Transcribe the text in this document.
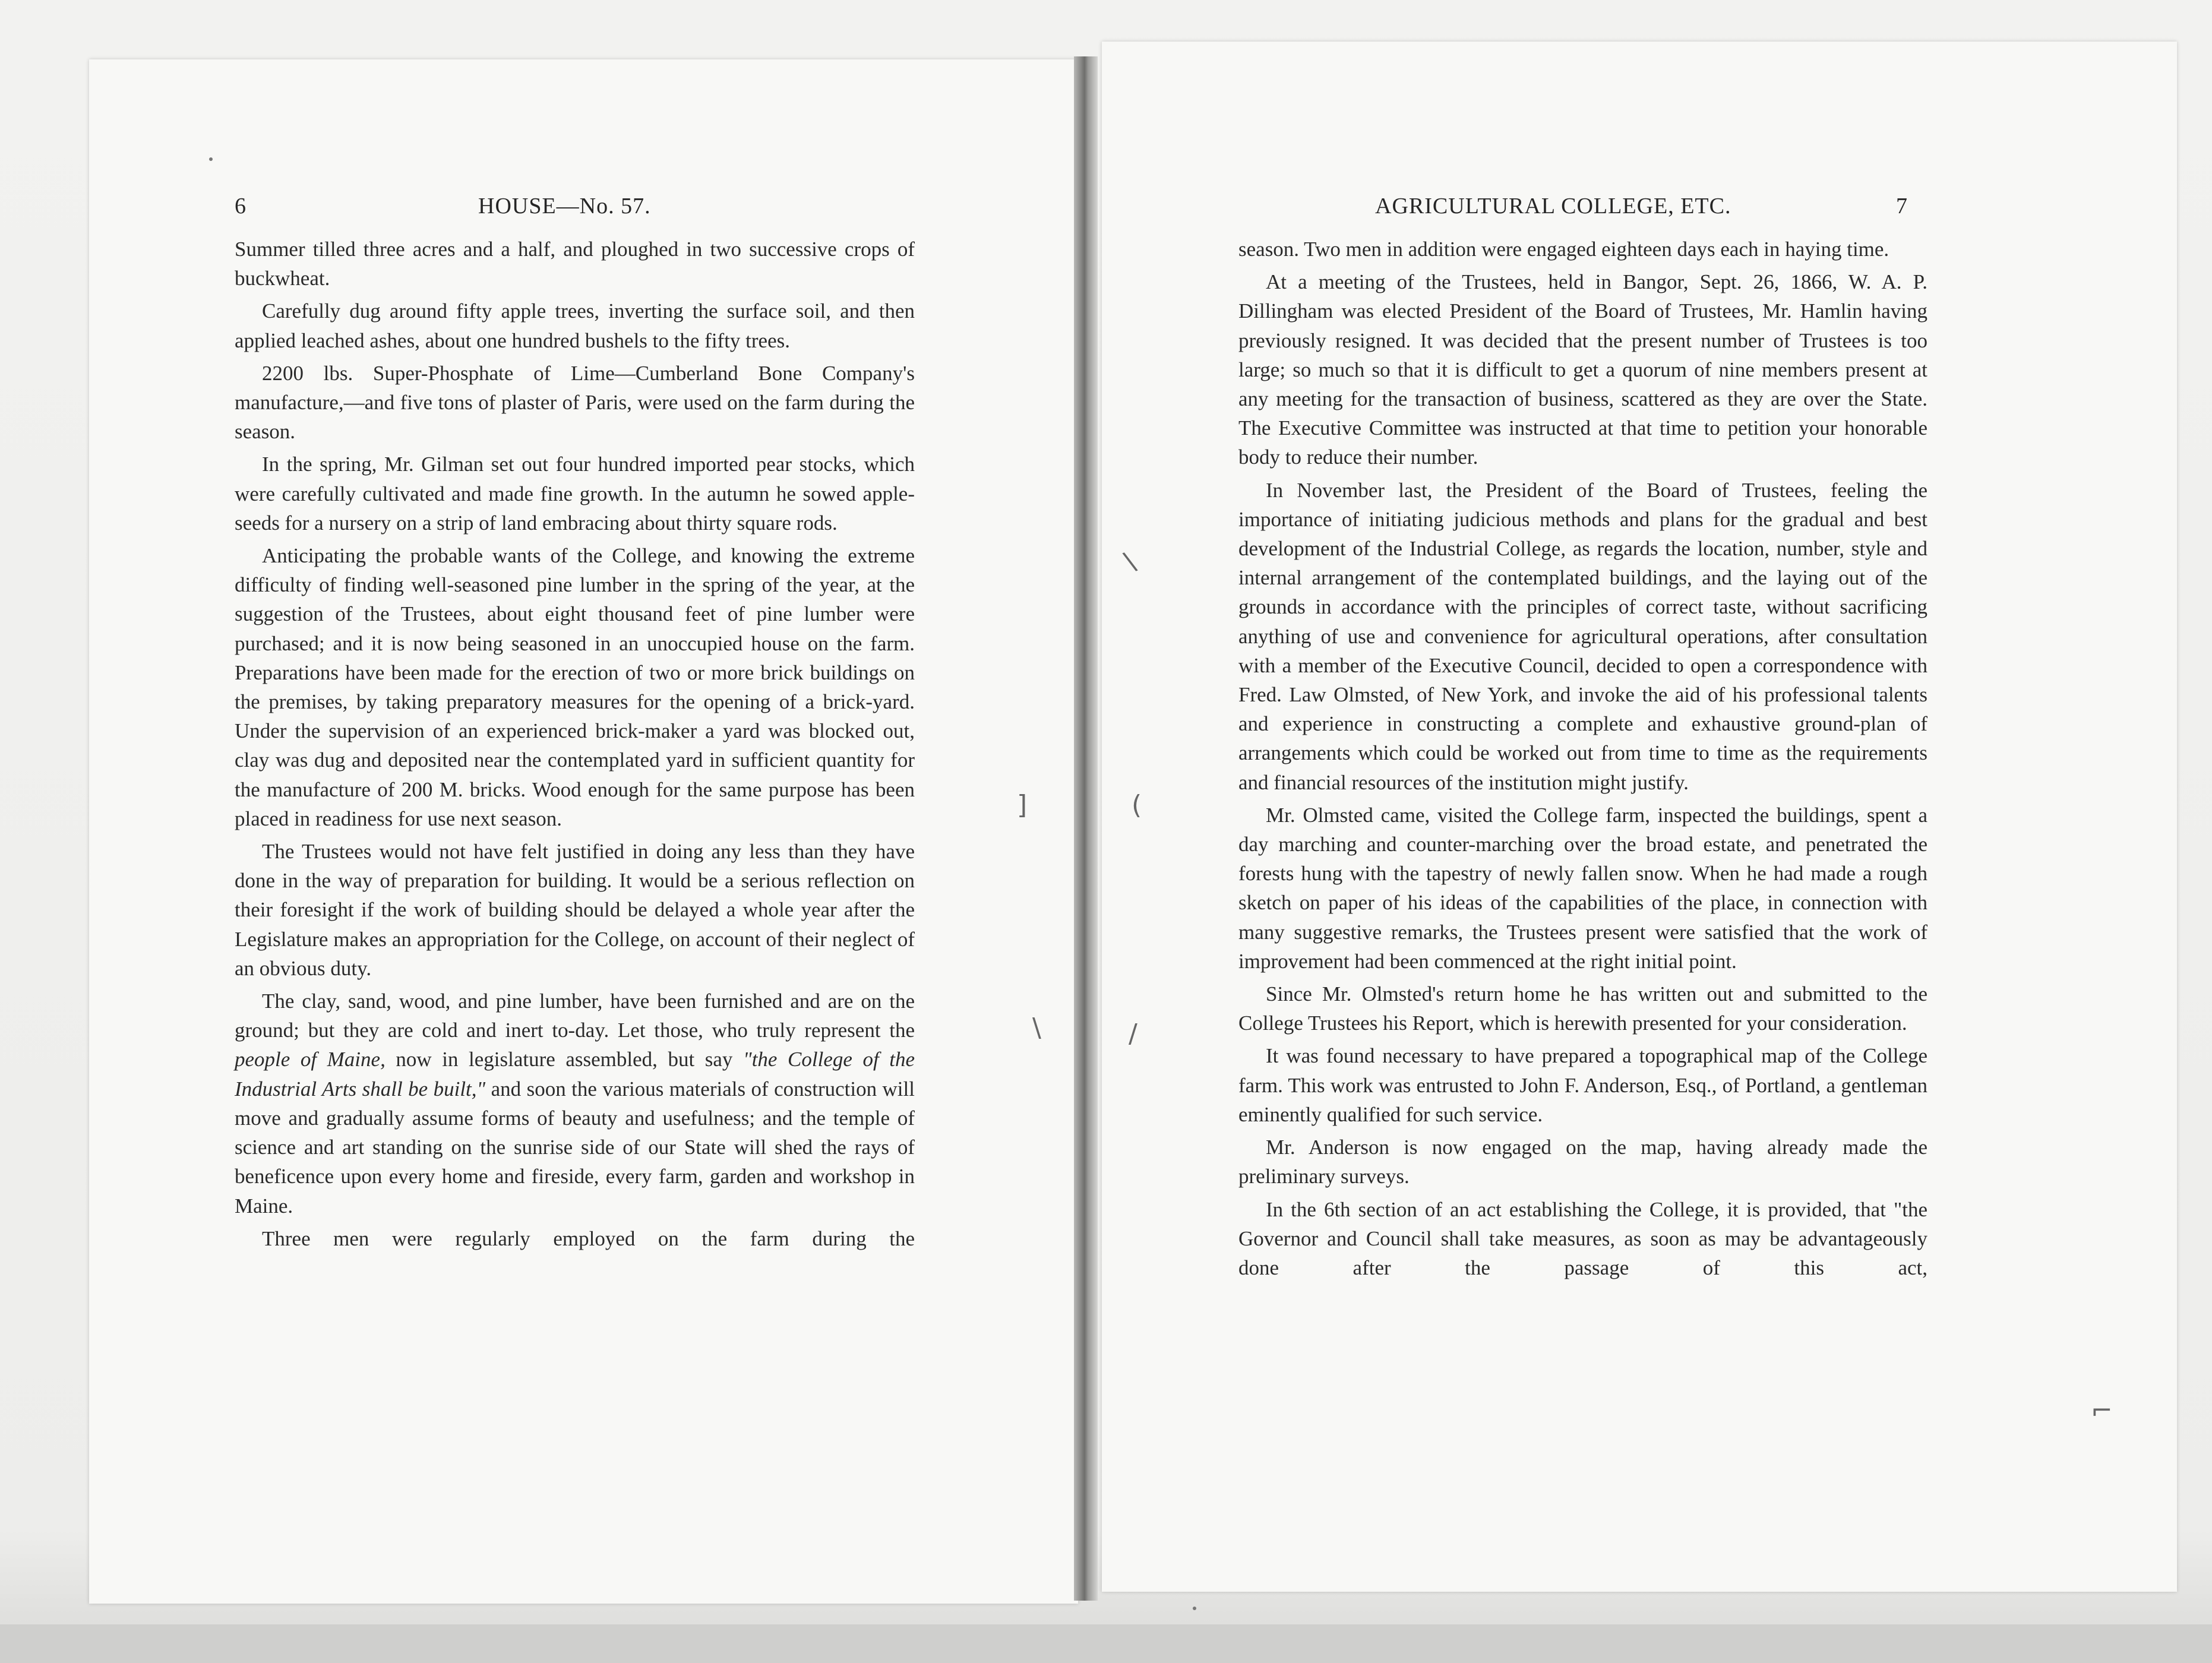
6	HOUSE—No. 57.

Summer tilled three acres and a half, and ploughed in two successive crops of buckwheat.

Carefully dug around fifty apple trees, inverting the surface soil, and then applied leached ashes, about one hundred bushels to the fifty trees.

2200 lbs. Super-Phosphate of Lime—Cumberland Bone Company's manufacture,—and five tons of plaster of Paris, were used on the farm during the season.

In the spring, Mr. Gilman set out four hundred imported pear stocks, which were carefully cultivated and made fine growth. In the autumn he sowed apple-seeds for a nursery on a strip of land embracing about thirty square rods.

Anticipating the probable wants of the College, and knowing the extreme difficulty of finding well-seasoned pine lumber in the spring of the year, at the suggestion of the Trustees, about eight thousand feet of pine lumber were purchased; and it is now being seasoned in an unoccupied house on the farm. Preparations have been made for the erection of two or more brick buildings on the premises, by taking preparatory measures for the opening of a brick-yard. Under the supervision of an experienced brick-maker a yard was blocked out, clay was dug and deposited near the contemplated yard in sufficient quantity for the manufacture of 200 M. bricks. Wood enough for the same purpose has been placed in readiness for use next season.

The Trustees would not have felt justified in doing any less than they have done in the way of preparation for building. It would be a serious reflection on their foresight if the work of building should be delayed a whole year after the Legislature makes an appropriation for the College, on account of their neglect of an obvious duty.

The clay, sand, wood, and pine lumber, have been furnished and are on the ground; but they are cold and inert to-day. Let those, who truly represent the people of Maine, now in legislature assembled, but say "the College of the Industrial Arts shall be built," and soon the various materials of construction will move and gradually assume forms of beauty and usefulness; and the temple of science and art standing on the sunrise side of our State will shed the rays of beneficence upon every home and fireside, every farm, garden and workshop in Maine.

Three men were regularly employed on the farm during the

]
\
\
(
/
⌐
AGRICULTURAL COLLEGE, ETC.	7

season. Two men in addition were engaged eighteen days each in haying time.

At a meeting of the Trustees, held in Bangor, Sept. 26, 1866, W. A. P. Dillingham was elected President of the Board of Trustees, Mr. Hamlin having previously resigned. It was decided that the present number of Trustees is too large; so much so that it is difficult to get a quorum of nine members present at any meeting for the transaction of business, scattered as they are over the State. The Executive Committee was instructed at that time to petition your honorable body to reduce their number.

In November last, the President of the Board of Trustees, feeling the importance of initiating judicious methods and plans for the gradual and best development of the Industrial College, as regards the location, number, style and internal arrangement of the contemplated buildings, and the laying out of the grounds in accordance with the principles of correct taste, without sacrificing anything of use and convenience for agricultural operations, after consultation with a member of the Executive Council, decided to open a correspondence with Fred. Law Olmsted, of New York, and invoke the aid of his professional talents and experience in constructing a complete and exhaustive ground-plan of arrangements which could be worked out from time to time as the requirements and financial resources of the institution might justify.

Mr. Olmsted came, visited the College farm, inspected the buildings, spent a day marching and counter-marching over the broad estate, and penetrated the forests hung with the tapestry of newly fallen snow. When he had made a rough sketch on paper of his ideas of the capabilities of the place, in connection with many suggestive remarks, the Trustees present were satisfied that the work of improvement had been commenced at the right initial point.

Since Mr. Olmsted's return home he has written out and submitted to the College Trustees his Report, which is herewith presented for your consideration.

It was found necessary to have prepared a topographical map of the College farm. This work was entrusted to John F. Anderson, Esq., of Portland, a gentleman eminently qualified for such service.

Mr. Anderson is now engaged on the map, having already made the preliminary surveys.

In the 6th section of an act establishing the College, it is provided, that "the Governor and Council shall take measures, as soon as may be advantageously done after the passage of this act,
